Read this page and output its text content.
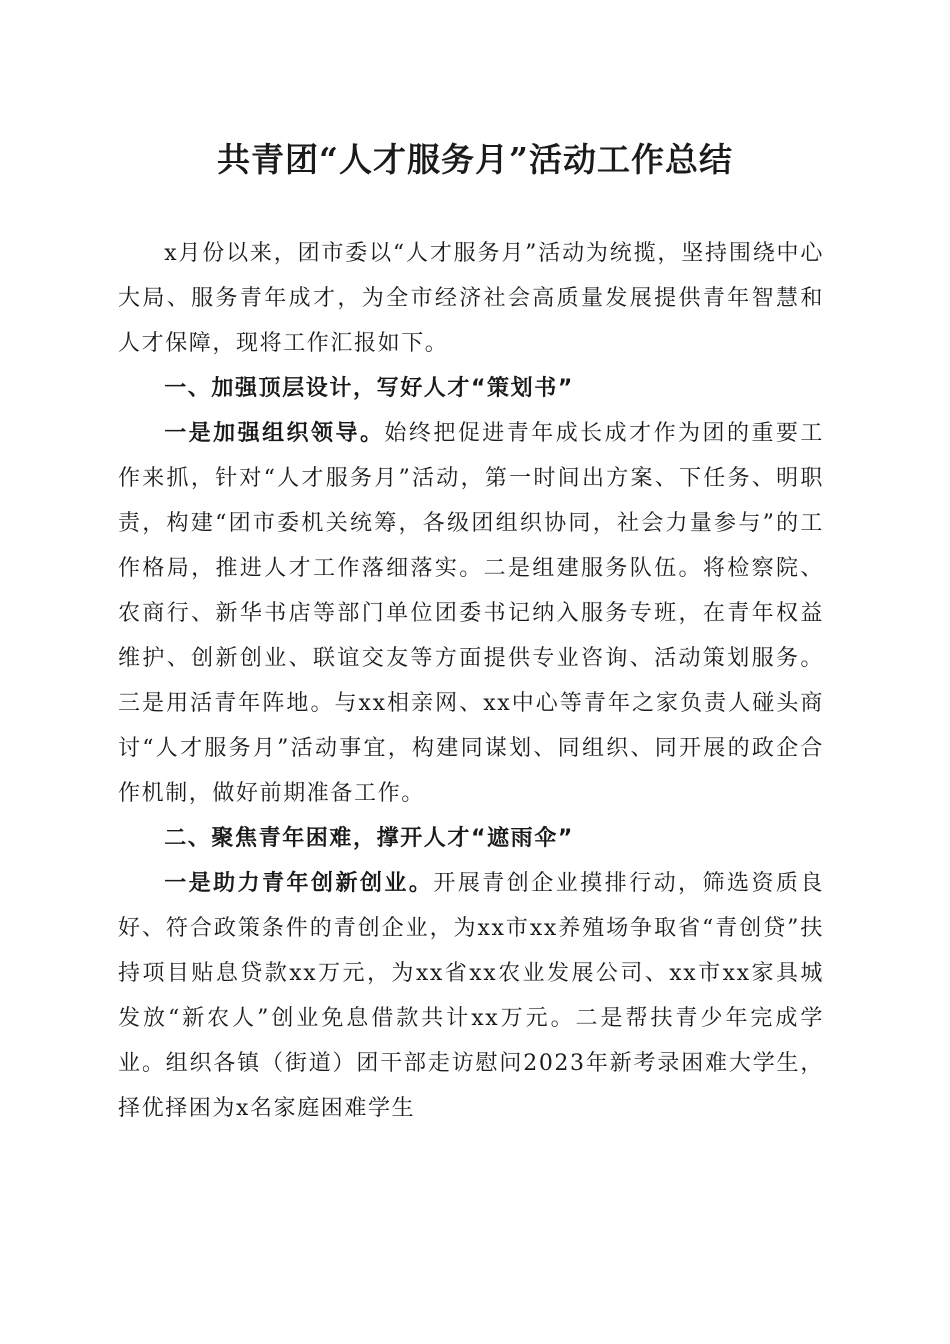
共青团“人才服务月”活动工作总结

x月份以来，团市委以“人才服务月”活动为统揽，坚持围绕中心大局、服务青年成才，为全市经济社会高质量发展提供青年智慧和人才保障，现将工作汇报如下。

一、加强顶层设计，写好人才“策划书”

一是加强组织领导。始终把促进青年成长成才作为团的重要工作来抓，针对“人才服务月”活动，第一时间出方案、下任务、明职责，构建“团市委机关统筹，各级团组织协同，社会力量参与”的工作格局，推进人才工作落细落实。二是组建服务队伍。将检察院、农商行、新华书店等部门单位团委书记纳入服务专班，在青年权益维护、创新创业、联谊交友等方面提供专业咨询、活动策划服务。三是用活青年阵地。与xx相亲网、xx中心等青年之家负责人碰头商讨“人才服务月”活动事宜，构建同谋划、同组织、同开展的政企合作机制，做好前期准备工作。

二、聚焦青年困难，撑开人才“遮雨伞”

一是助力青年创新创业。开展青创企业摸排行动，筛选资质良好、符合政策条件的青创企业，为xx市xx养殖场争取省“青创贷”扶持项目贴息贷款xx万元，为xx省xx农业发展公司、xx市xx家具城发放“新农人”创业免息借款共计xx万元。二是帮扶青少年完成学业。组织各镇（街道）团干部走访慰问2023年新考录困难大学生，择优择困为x名家庭困难学生
